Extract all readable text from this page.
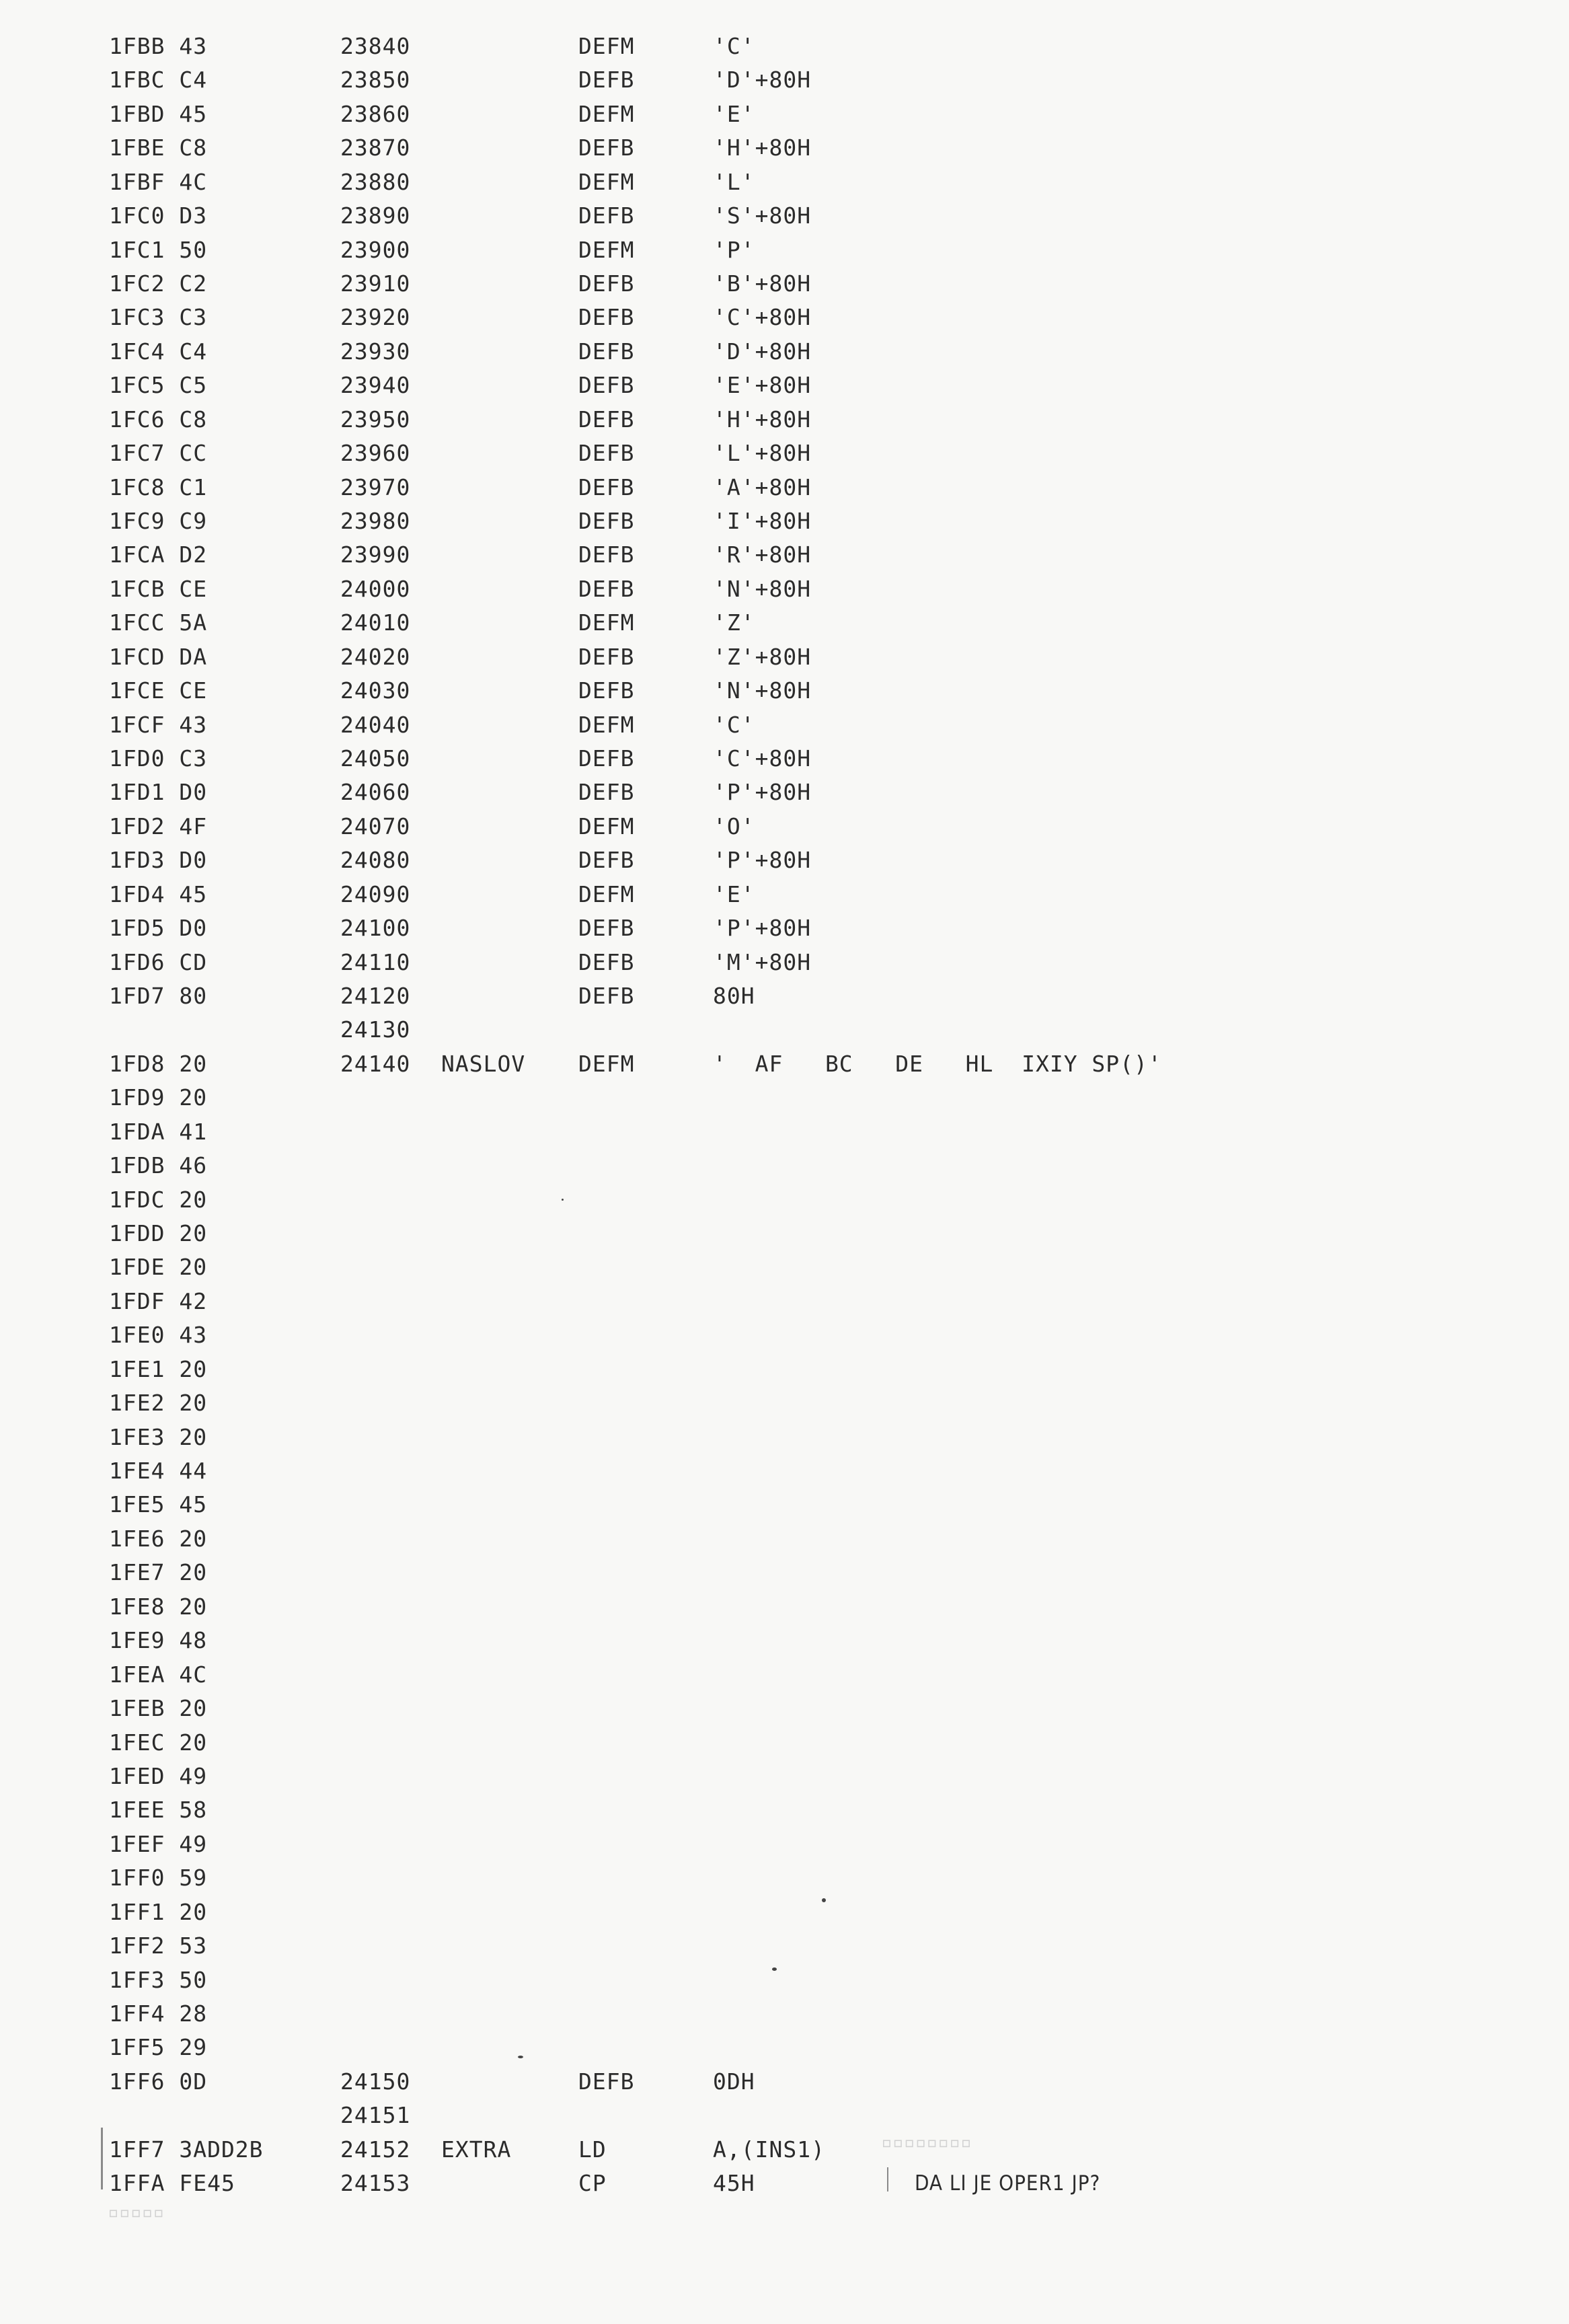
1FBB 43	23840	DEFM	'C'
1FBC C4	23850	DEFB	'D'+80H
1FBD 45	23860	DEFM	'E'
1FBE C8	23870	DEFB	'H'+80H
1FBF 4C	23880	DEFM	'L'
1FC0 D3	23890	DEFB	'S'+80H
1FC1 50	23900	DEFM	'P'
1FC2 C2	23910	DEFB	'B'+80H
1FC3 C3	23920	DEFB	'C'+80H
1FC4 C4	23930	DEFB	'D'+80H
1FC5 C5	23940	DEFB	'E'+80H
1FC6 C8	23950	DEFB	'H'+80H
1FC7 CC	23960	DEFB	'L'+80H
1FC8 C1	23970	DEFB	'A'+80H
1FC9 C9	23980	DEFB	'I'+80H
1FCA D2	23990	DEFB	'R'+80H
1FCB CE	24000	DEFB	'N'+80H
1FCC 5A	24010	DEFM	'Z'
1FCD DA	24020	DEFB	'Z'+80H
1FCE CE	24030	DEFB	'N'+80H
1FCF 43	24040	DEFM	'C'
1FD0 C3	24050	DEFB	'C'+80H
1FD1 D0	24060	DEFB	'P'+80H
1FD2 4F	24070	DEFM	'O'
1FD3 D0	24080	DEFB	'P'+80H
1FD4 45	24090	DEFM	'E'
1FD5 D0	24100	DEFB	'P'+80H
1FD6 CD	24110	DEFB	'M'+80H
1FD7 80	24120	DEFB	80H
24130
1FD8 20	24140 NASLOV DEFM	'  AF   BC   DE   HL  IXIY SP()'
1FD9 20
1FDA 41
1FDB 46
1FDC 20
1FDD 20
1FDE 20
1FDF 42
1FE0 43
1FE1 20
1FE2 20
1FE3 20
1FE4 44
1FE5 45
1FE6 20
1FE7 20
1FE8 20
1FE9 48
1FEA 4C
1FEB 20
1FEC 20
1FED 49
1FEE 58
1FEF 49
1FF0 59
1FF1 20
1FF2 53
1FF3 50
1FF4 28
1FF5 29
1FF6 0D	24150	DEFB	0DH
24151
1FF7 3ADD2B	24152 EXTRA	LD	A,(INS1)
1FFA FE45	24153	CP	45H	DA LI JE OPER1 JP?
▫▫▫▫▫
▫▫▫▫▫▫▫▫
